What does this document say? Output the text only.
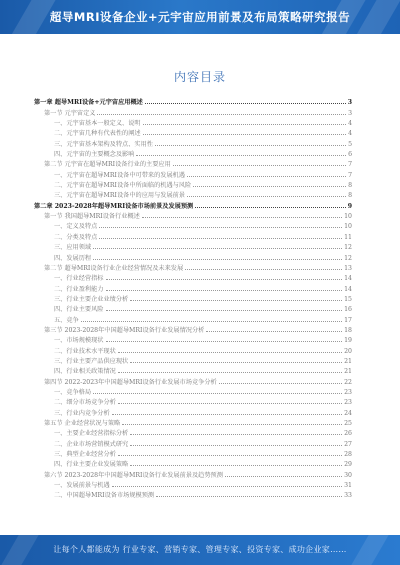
超导MRI设备企业+元宇宙应用前景及布局策略研究报告
内容目录
第一章 超导MRI设备+元宇宙应用概述	3
第一节 元宇宙定义	3
一、元宇宙基本一般定义、说明	4
二、元宇宙几种有代表性的阐述	4
三、元宇宙基本架构及特点、实用性	5
四、元宇宙的主要概念及影响	6
第二节 元宇宙在超导MRI设备行业的主要应用	7
一、元宇宙在超导MRI设备中可带来的发展机遇	7
二、元宇宙在超导MRI设备中所面临的机遇与风险	8
三、元宇宙在超导MRI设备中的应用与发展前景	8
第二章 2023-2028年超导MRI设备市场前景及发展预测	9
第一节 我国超导MRI设备行业概述	10
一、定义及特点	10
二、分类及特点	11
三、应用领域	12
四、发展历程	12
第二节 超导MRI设备行业企业经营情况及未来发展	13
一、行业经营指标	14
二、行业盈利能力	14
三、行业主要企业业绩分析	15
四、行业主要风险	16
五、竞争	17
第三节 2023-2028年中国超导MRI设备行业发展情况分析	18
一、市场规模现状	19
二、行业技术水平现状	20
三、行业主要产品供应现状	21
四、行业相关政策情况	21
第四节 2022-2023年中国超导MRI设备行业发展市场竞争分析	22
一、竞争格局	23
二、细分市场竞争分析	23
三、行业内竞争分析	24
第五节 企业经营状况与策略	25
一、主要企业经营指标分析	26
二、企业市场营销模式研究	27
三、典型企业经营分析	28
四、行业主要企业发展策略	29
第六节 2023-2028年中国超导MRI设备行业发展前景及趋势预测	30
一、发展前景与机遇	31
二、中国超导MRI设备市场规模预测	33
让每个人都能成为 行业专家、营销专家、管理专家、投资专家、成功企业家……
